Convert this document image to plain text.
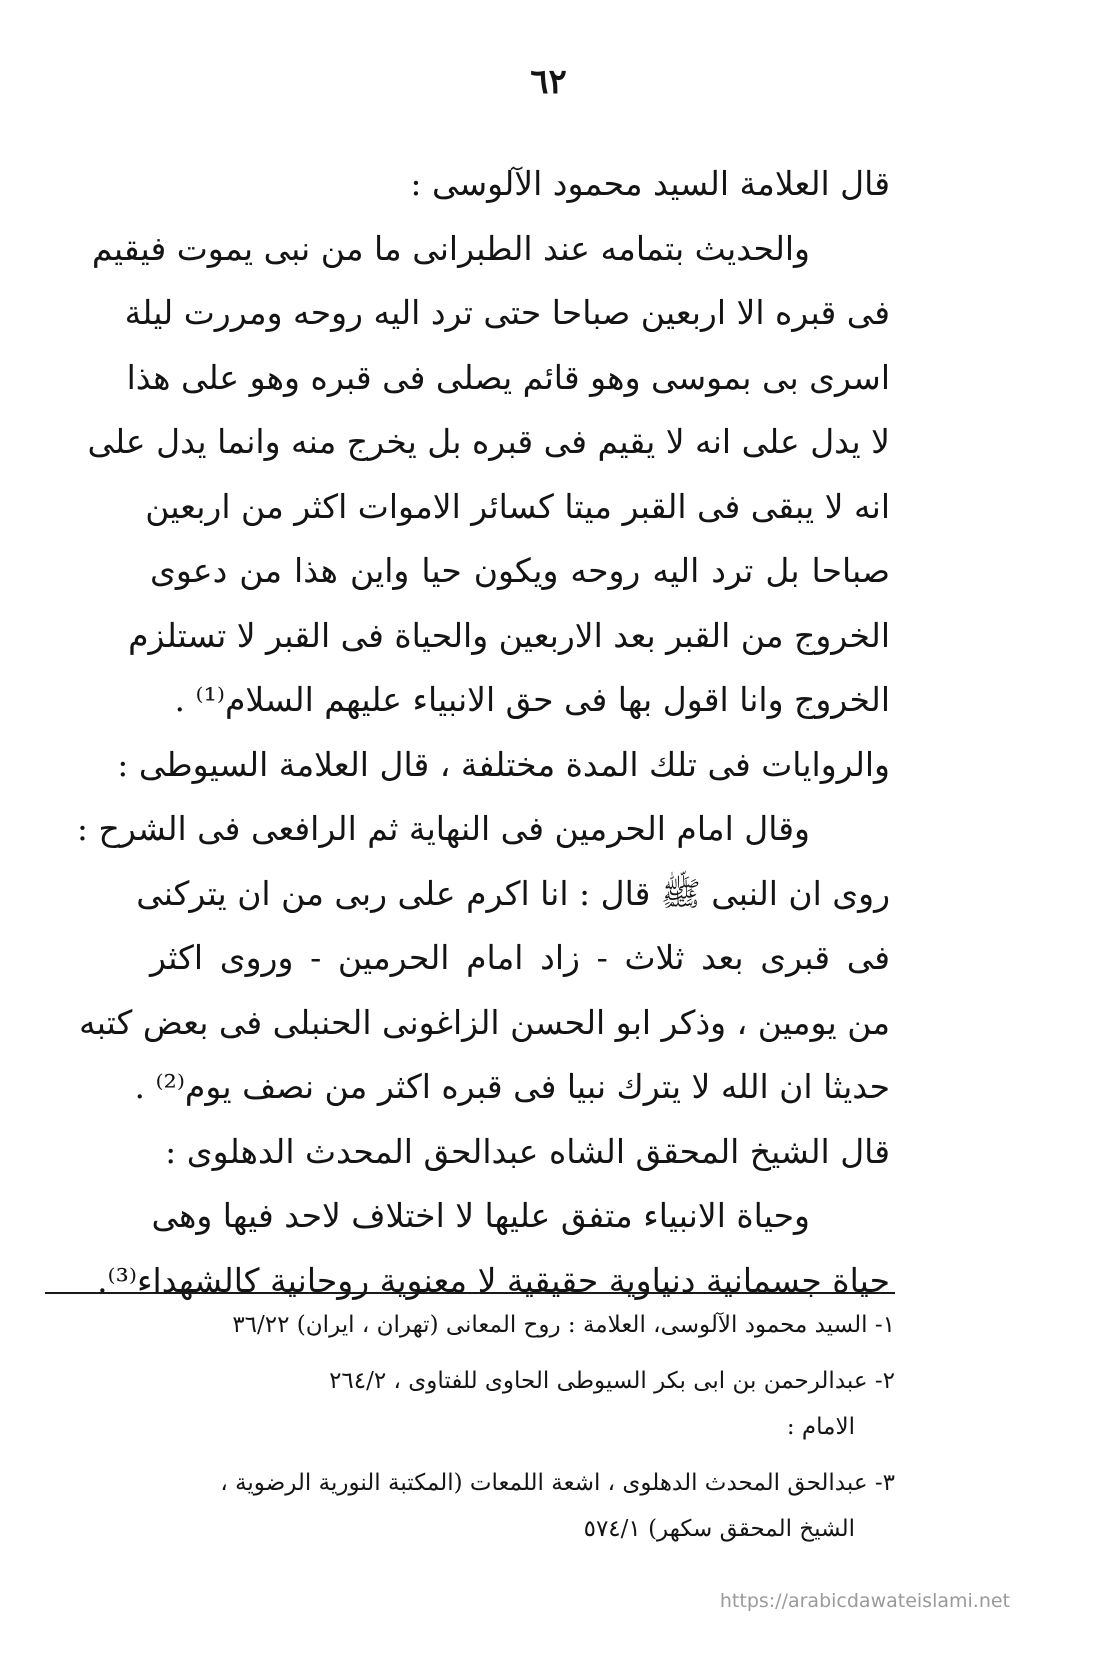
٦٢
قال العلامة السيد محمود الآلوسى :
والحديث بتمامه عند الطبرانى ما من نبى يموت فيقيم
فى قبره الا اربعين صباحا حتى ترد اليه روحه ومررت ليلة
اسرى بى بموسى وهو قائم يصلى فى قبره وهو على هذا
لا يدل على انه لا يقيم فى قبره بل يخرج منه وانما يدل على
انه لا يبقى فى القبر ميتا كسائر الاموات اكثر من اربعين
صباحا بل ترد اليه روحه ويكون حيا واين هذا من دعوى
الخروج من القبر بعد الاربعين والحياة فى القبر لا تستلزم
الخروج وانا اقول بها فى حق الانبياء عليهم السلام⁽¹⁾ .
والروايات فى تلك المدة مختلفة ، قال العلامة السيوطى :
وقال امام الحرمين فى النهاية ثم الرافعى فى الشرح :
روى ان النبى ﷺ قال : انا اكرم على ربى من ان يتركنى
فى قبرى بعد ثلاث - زاد امام الحرمين - وروى اكثر
من يومين ، وذكر ابو الحسن الزاغونى الحنبلى فى بعض كتبه
حديثا ان الله لا يترك نبيا فى قبره اكثر من نصف يوم⁽²⁾ .
قال الشيخ المحقق الشاه عبدالحق المحدث الدهلوى :
وحياة الانبياء متفق عليها لا اختلاف لاحد فيها وهى
حياة جسمانية دنياوية حقيقية لا معنوية روحانية كالشهداء⁽³⁾.
١- السيد محمود الآلوسى، العلامة : روح المعانى (تهران ، ايران) ٣٦/٢٢
٢- عبدالرحمن بن ابى بكر السيوطى الحاوى للفتاوى ، ٢٦٤/٢
الامام :
٣- عبدالحق المحدث الدهلوى ، اشعة اللمعات (المكتبة النورية الرضوية ،
الشيخ المحقق سكهر) ٥٧٤/١
https://arabicdawateislami.net
